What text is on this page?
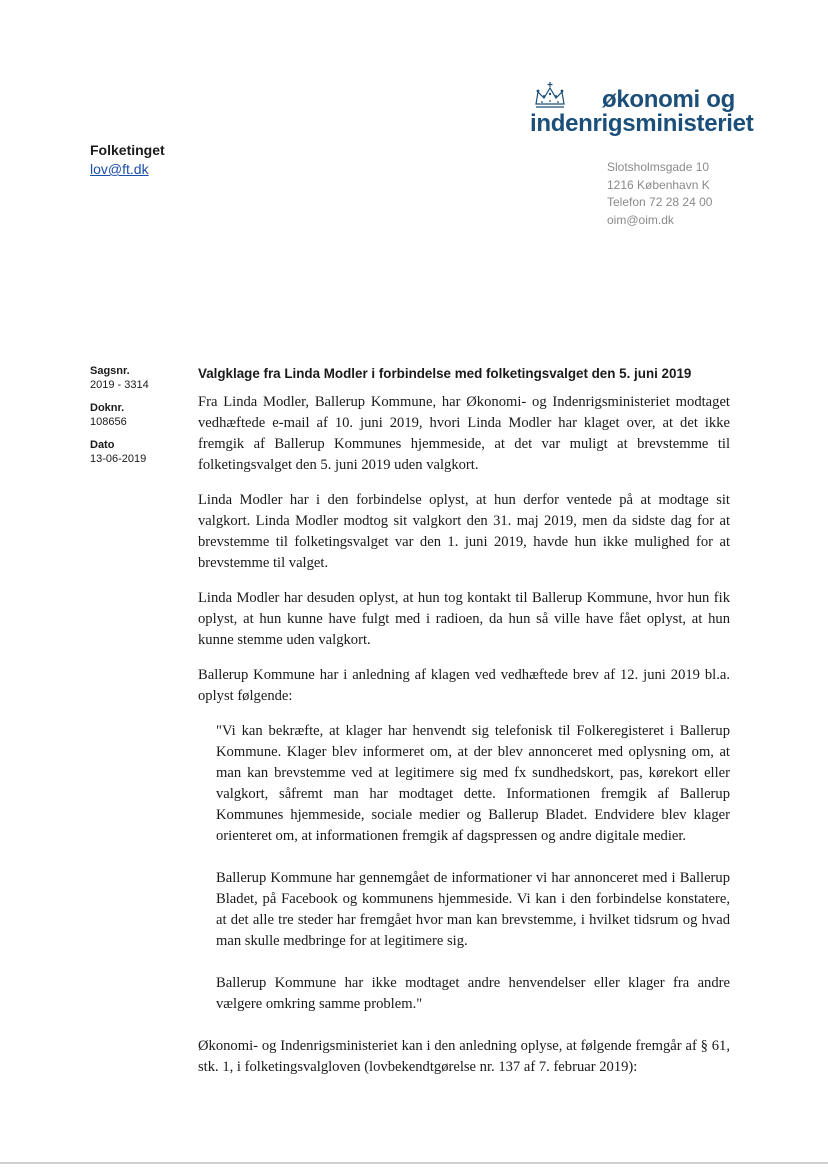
økonomi og
indenrigsministeriet
Folketinget
lov@ft.dk	Slotsholmsgade 10
1216 København K
Telefon 72 28 24 00
oim@oim.dk
Sagsnr.
2019 - 3314
Doknr.
108656
Dato
13-06-2019
Valgklage fra Linda Modler i forbindelse med folketingsvalget den 5. juni 2019

Fra Linda Modler, Ballerup Kommune, har Økonomi- og Indenrigsministeriet modtaget vedhæftede e-mail af 10. juni 2019, hvori Linda Modler har klaget over, at det ikke fremgik af Ballerup Kommunes hjemmeside, at det var muligt at brevstemme til folketingsvalget den 5. juni 2019 uden valgkort.

Linda Modler har i den forbindelse oplyst, at hun derfor ventede på at modtage sit valgkort. Linda Modler modtog sit valgkort den 31. maj 2019, men da sidste dag for at brevstemme til folketingsvalget var den 1. juni 2019, havde hun ikke mulighed for at brevstemme til valget.

Linda Modler har desuden oplyst, at hun tog kontakt til Ballerup Kommune, hvor hun fik oplyst, at hun kunne have fulgt med i radioen, da hun så ville have fået oplyst, at hun kunne stemme uden valgkort.

Ballerup Kommune har i anledning af klagen ved vedhæftede brev af 12. juni 2019 bl.a. oplyst følgende:

"Vi kan bekræfte, at klager har henvendt sig telefonisk til Folkeregisteret i Ballerup Kommune. Klager blev informeret om, at der blev annonceret med oplysning om, at man kan brevstemme ved at legitimere sig med fx sundhedskort, pas, kørekort eller valgkort, såfremt man har modtaget dette. Informationen fremgik af Ballerup Kommunes hjemmeside, sociale medier og Ballerup Bladet. Endvidere blev klager orienteret om, at informationen fremgik af dagspressen og andre digitale medier.

Ballerup Kommune har gennemgået de informationer vi har annonceret med i Ballerup Bladet, på Facebook og kommunens hjemmeside. Vi kan i den forbindelse konstatere, at det alle tre steder har fremgået hvor man kan brevstemme, i hvilket tidsrum og hvad man skulle medbringe for at legitimere sig.

Ballerup Kommune har ikke modtaget andre henvendelser eller klager fra andre vælgere omkring samme problem."

Økonomi- og Indenrigsministeriet kan i den anledning oplyse, at følgende fremgår af § 61, stk. 1, i folketingsvalgloven (lovbekendtgørelse nr. 137 af 7. februar 2019):
